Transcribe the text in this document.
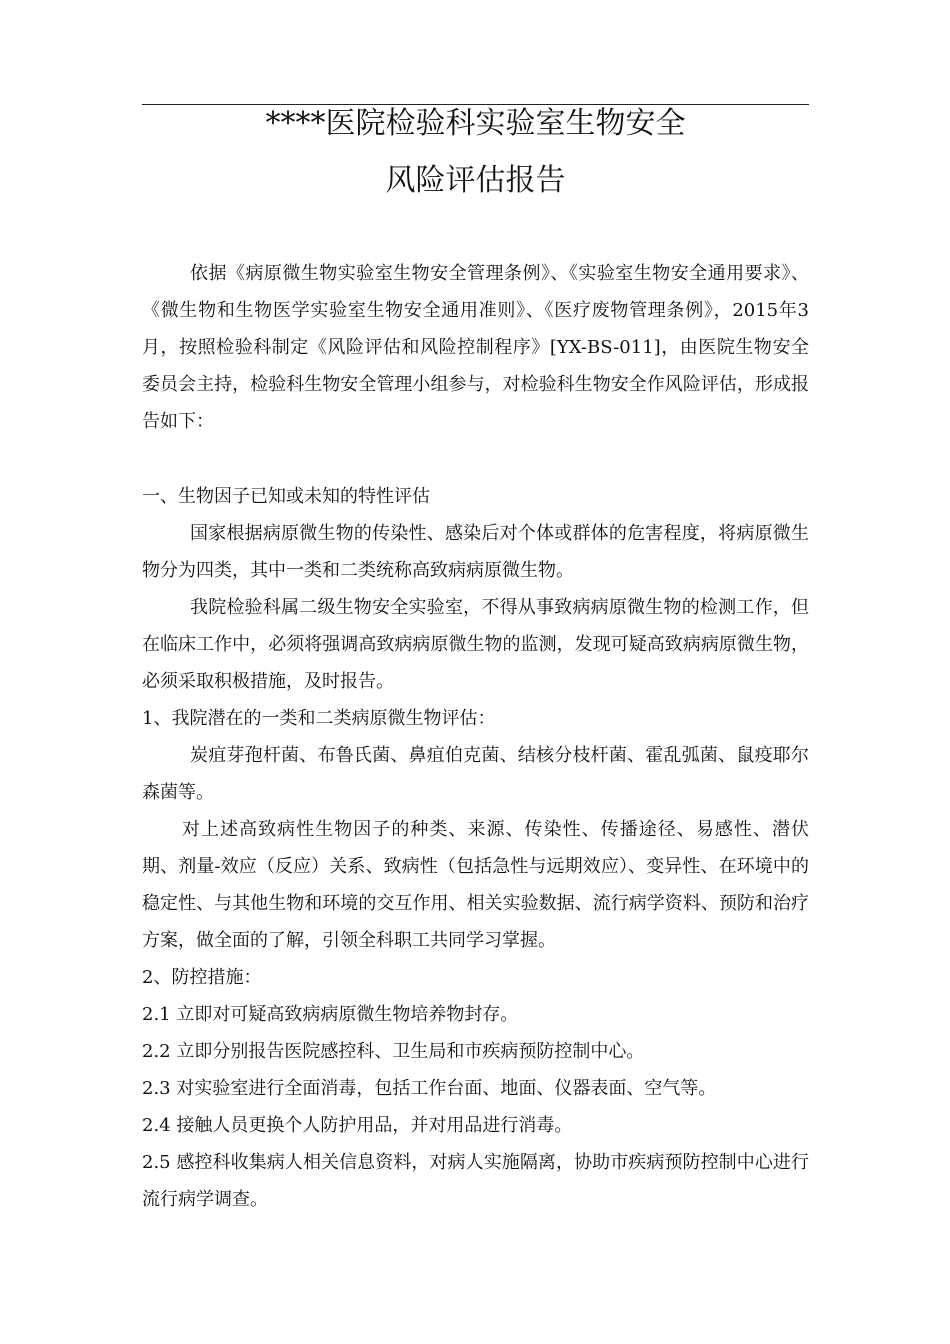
****医院检验科实验室生物安全
风险评估报告

依据《病原微生物实验室生物安全管理条例》、《实验室生物安全通用要求》、《微生物和生物医学实验室生物安全通用准则》、《医疗废物管理条例》，2015年3月，按照检验科制定《风险评估和风险控制程序》[YX-BS-011]，由医院生物安全委员会主持，检验科生物安全管理小组参与，对检验科生物安全作风险评估，形成报告如下：

一、生物因子已知或未知的特性评估

国家根据病原微生物的传染性、感染后对个体或群体的危害程度，将病原微生物分为四类，其中一类和二类统称高致病病原微生物。

我院检验科属二级生物安全实验室，不得从事致病病原微生物的检测工作，但在临床工作中，必须将强调高致病病原微生物的监测，发现可疑高致病病原微生物，必须采取积极措施，及时报告。

1、我院潜在的一类和二类病原微生物评估：

炭疽芽孢杆菌、布鲁氏菌、鼻疽伯克菌、结核分枝杆菌、霍乱弧菌、鼠疫耶尔森菌等。

对上述高致病性生物因子的种类、来源、传染性、传播途径、易感性、潜伏期、剂量-效应（反应）关系、致病性（包括急性与远期效应）、变异性、在环境中的稳定性、与其他生物和环境的交互作用、相关实验数据、流行病学资料、预防和治疗方案，做全面的了解，引领全科职工共同学习掌握。

2、防控措施：

2.1 立即对可疑高致病病原微生物培养物封存。

2.2 立即分别报告医院感控科、卫生局和市疾病预防控制中心。

2.3 对实验室进行全面消毒，包括工作台面、地面、仪器表面、空气等。

2.4 接触人员更换个人防护用品，并对用品进行消毒。

2.5 感控科收集病人相关信息资料，对病人实施隔离，协助市疾病预防控制中心进行流行病学调查。
